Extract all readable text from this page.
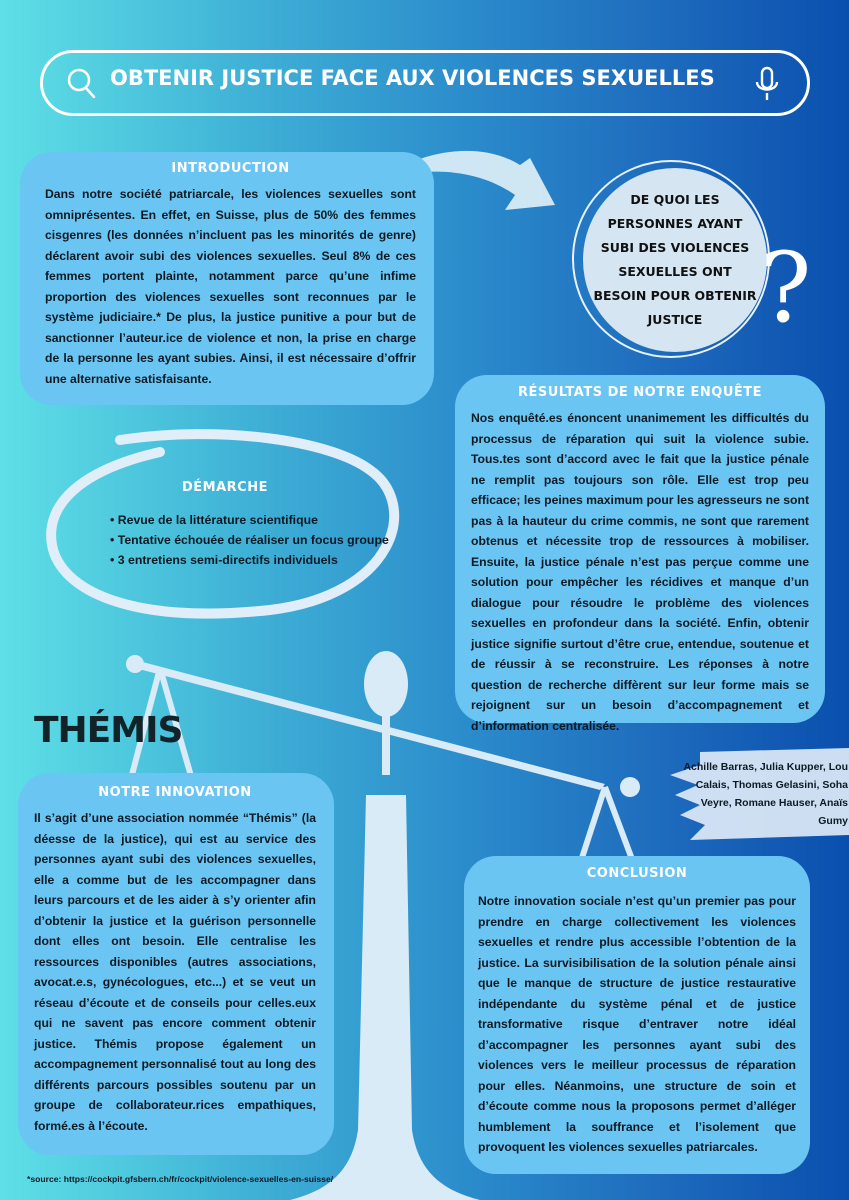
OBTENIR JUSTICE FACE AUX VIOLENCES SEXUELLES
INTRODUCTION
Dans notre société patriarcale, les violences sexuelles sont omniprésentes. En effet, en Suisse, plus de 50% des femmes cisgenres (les données n’incluent pas les minorités de genre) déclarent avoir subi des violences sexuelles. Seul 8% de ces femmes portent plainte, notamment parce qu’une infime proportion des violences sexuelles sont reconnues par le système judiciaire.* De plus, la justice punitive a pour but de sanctionner l’auteur.ice de violence et non, la prise en charge de la personne les ayant subies. Ainsi, il est nécessaire d’offrir une alternative satisfaisante.
DE QUOI LES PERSONNES AYANT SUBI DES VIOLENCES SEXUELLES ONT BESOIN POUR OBTENIR JUSTICE ?
RÉSULTATS DE NOTRE ENQUÊTE
Nos enquêté.es énoncent unanimement les difficultés du processus de réparation qui suit la violence subie. Tous.tes sont d’accord avec le fait que la justice pénale ne remplit pas toujours son rôle. Elle est trop peu efficace; les peines maximum pour les agresseurs ne sont pas à la hauteur du crime commis, ne sont que rarement obtenus et nécessite trop de ressources à mobiliser. Ensuite, la justice pénale n’est pas perçue comme une solution pour empêcher les récidives et manque d’un dialogue pour résoudre le problème des violences sexuelles en profondeur dans la société. Enfin, obtenir justice signifie surtout d’être crue, entendue, soutenue et de réussir à se reconstruire. Les réponses à notre question de recherche diffèrent sur leur forme mais se rejoignent sur un besoin d’accompagnement et d’information centralisée.
DÉMARCHE
• Revue de la littérature scientifique
• Tentative échouée de réaliser un focus groupe
• 3 entretiens semi-directifs individuels
THÉMIS
Achille Barras, Julia Kupper, Lou Calais, Thomas Gelasini, Soha Veyre, Romane Hauser, Anaïs Gumy
NOTRE INNOVATION
Il s’agit d’une association nommée “Thémis” (la déesse de la justice), qui est au service des personnes ayant subi des violences sexuelles, elle a comme but de les accompagner dans leurs parcours et de les aider à s’y orienter afin d’obtenir la justice et la guérison personnelle dont elles ont besoin. Elle centralise les ressources disponibles (autres associations, avocat.e.s, gynécologues, etc...) et se veut un réseau d’écoute et de conseils pour celles.eux qui ne savent pas encore comment obtenir justice. Thémis propose également un accompagnement personnalisé tout au long des différents parcours possibles soutenu par un groupe de collaborateur.rices empathiques, formé.es à l’écoute.
CONCLUSION
Notre innovation sociale n’est qu’un premier pas pour prendre en charge collectivement les violences sexuelles et rendre plus accessible l’obtention de la justice. La survisibilisation de la solution pénale ainsi que le manque de structure de justice restaurative indépendante du système pénal et de justice transformative risque d’entraver notre idéal d’accompagner les personnes ayant subi des violences vers le meilleur processus de réparation pour elles. Néanmoins, une structure de soin et d’écoute comme nous la proposons permet d’alléger humblement la souffrance et l’isolement que provoquent les violences sexuelles patriarcales.
*source: https://cockpit.gfsbern.ch/fr/cockpit/violence-sexuelles-en-suisse/
